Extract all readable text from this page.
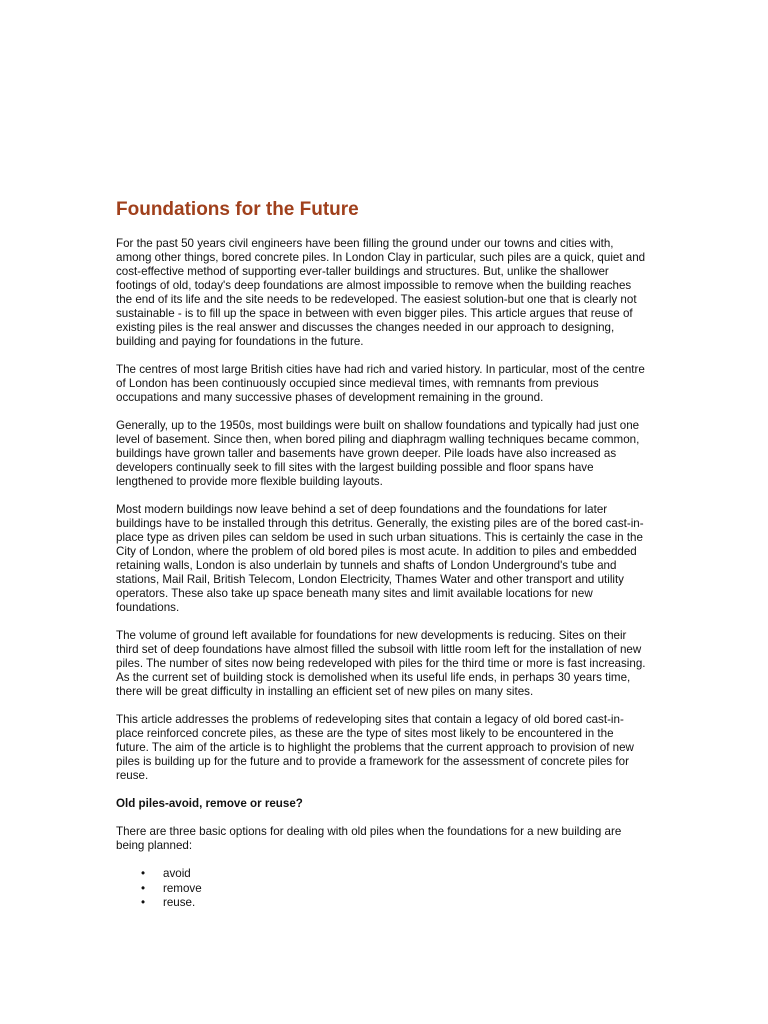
Foundations for the Future

For the past 50 years civil engineers have been filling the ground under our towns and cities with, among other things, bored concrete piles. In London Clay in particular, such piles are a quick, quiet and cost-effective method of supporting ever-taller buildings and structures. But, unlike the shallower footings of old, today's deep foundations are almost impossible to remove when the building reaches the end of its life and the site needs to be redeveloped. The easiest solution-but one that is clearly not sustainable - is to fill up the space in between with even bigger piles. This article argues that reuse of existing piles is the real answer and discusses the changes needed in our approach to designing, building and paying for foundations in the future.

The centres of most large British cities have had rich and varied history. In particular, most of the centre of London has been continuously occupied since medieval times, with remnants from previous occupations and many successive phases of development remaining in the ground.

Generally, up to the 1950s, most buildings were built on shallow foundations and typically had just one level of basement. Since then, when bored piling and diaphragm walling techniques became common, buildings have grown taller and basements have grown deeper. Pile loads have also increased as developers continually seek to fill sites with the largest building possible and floor spans have lengthened to provide more flexible building layouts.

Most modern buildings now leave behind a set of deep foundations and the foundations for later buildings have to be installed through this detritus. Generally, the existing piles are of the bored cast-in-place type as driven piles can seldom be used in such urban situations. This is certainly the case in the City of London, where the problem of old bored piles is most acute. In addition to piles and embedded retaining walls, London is also underlain by tunnels and shafts of London Underground's tube and stations, Mail Rail, British Telecom, London Electricity, Thames Water and other transport and utility operators. These also take up space beneath many sites and limit available locations for new foundations.

The volume of ground left available for foundations for new developments is reducing. Sites on their third set of deep foundations have almost filled the subsoil with little room left for the installation of new piles. The number of sites now being redeveloped with piles for the third time or more is fast increasing. As the current set of building stock is demolished when its useful life ends, in perhaps 30 years time, there will be great difficulty in installing an efficient set of new piles on many sites.

This article addresses the problems of redeveloping sites that contain a legacy of old bored cast-in-place reinforced concrete piles, as these are the type of sites most likely to be encountered in the future. The aim of the article is to highlight the problems that the current approach to provision of new piles is building up for the future and to provide a framework for the assessment of concrete piles for reuse.

Old piles-avoid, remove or reuse?

There are three basic options for dealing with old piles when the foundations for a new building are being planned:

• avoid
• remove
• reuse.
